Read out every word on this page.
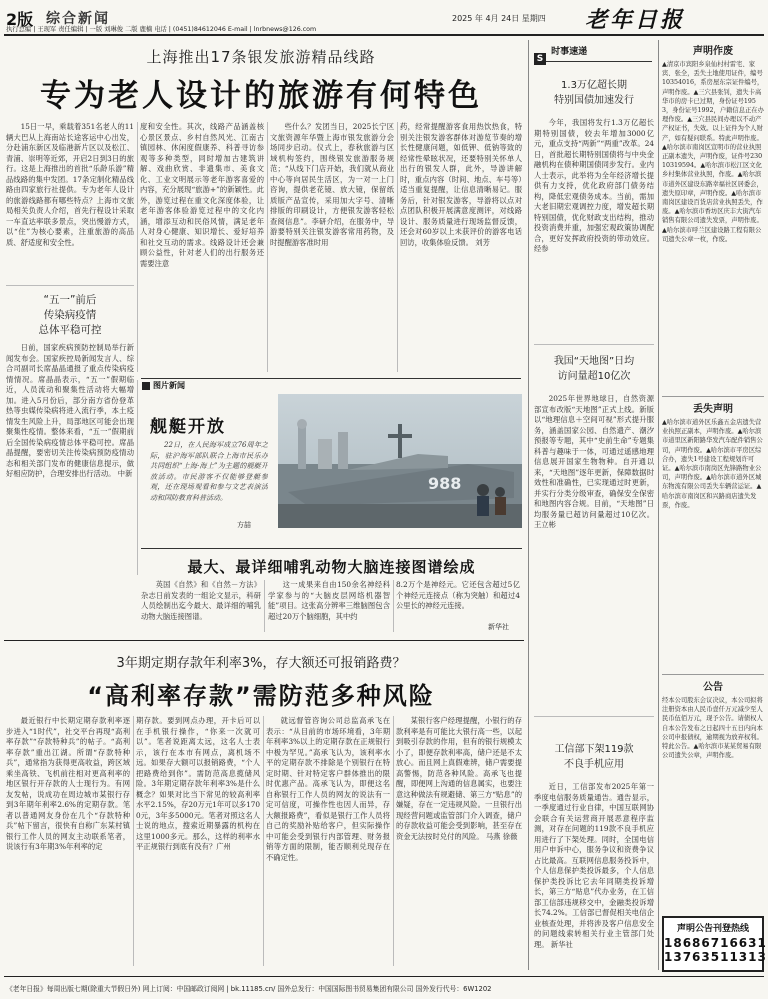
2版 综合新闻	2025 年 4月 24日 星期四 老年日报
执行总编 | 王现军 责任编辑 | 一版 刘琳俊 二版 鹿楠 电话 | (0451)84612046 E-mail | lnrbnews@126.com
上海推出17条银发旅游精品线路
专为老人设计的旅游有何特色
15日一早，乘载着351名老人的11辆大巴从上海南站长途客运中心出发，分赴浦东新区及临港新片区以及松江、青浦、崇明等近郊，开启2日到3日的旅行。这是上海推出的首批“乐龄乐游”精品线路的集中发团。17条定制化精品线路由四家旅行社提供。专为老年人设计的旅游线路都有哪些特点？上海市文旅局相关负责人介绍，首先行程设计采取一车直达率联多景点，突出慢游方式，以“住”为核心要素，注重旅游的高品质、舒适度和安全性。
度和安全性。其次，线路产品涵盖核心景区景点、乡村自然风光、江南古镇园林、休闲度假康养、科普寻访参观等多种类型，同时增加古建筑讲解、戏曲欣赏、非遗集市、美食文化、工业文明展示等老年游客喜爱的内容，充分展现“旅游+”的新颖性。此外，游览过程在重文化深度体验，让老年游客体验游览过程中的文化内涵，增添互动和民俗风情，满足老年人对身心健康、知识增长、爱好培养和社交互动的需求。线路设计还会兼顾公益性，针对老人们的出行服务还需要注意
些什么？发团当日，2025长宁区文旅资源年华暨上海市银发旅游分会场同步启动。仪式上，春秋旅游与区域机构签约，围绕银发旅游服务规范；“从线下门店开始，我们就从商业中心等向居民生活区，为一对一上门咨询，提供老花镜、放大镜，保留纸质版产品宣传，采用加大字号、清晰排版的印刷设计，方便银发游客轻松查阅信息”。李研介绍，在服务中，导游要特别关注银发游客常用药物，及时提醒游客准时用
药，经常提醒游客食用热饮热食，特别关注银发游客群体对游览节奏的增长性健康问题，如低钾、低钠等致的经常性晕眩状况，还要特别关怀单人出行的银发人群，此外，导游讲解时，重点内容（时间、地点、车号等）适当重复提醒，让信息清晰易记。服务后，针对银发游客，导游将以点对点团队积极开展满意度测评，对线路设计、服务质量进行现场监督反馈，还会对60岁以上未获评价的游客电话回访，收集体验反馈。 刘芳
“五一”前后
传染病疫情
总体平稳可控
日前，国家疾病预防控制局举行新闻发布会。国家疾控局新闻发言人、综合司副司长席晶晶通报了重点传染病疫情情况。席晶晶表示，“五一”假期临近，人员流动和聚集性活动将大幅增加。进入5月份后，部分南方省份登革热等虫媒传染病将进入流行季，本土疫情发生风险上升，局部地区可能会出现聚集性疫情。整体来看，“五一”假期前后全国传染病疫情总体平稳可控。席晶晶提醒，要密切关注传染病预防疫情动态和相关部门发布的健康信息提示，做好相应防护，合理安排出行活动。 中新
$^{图片新闻}$
舰艇开放
22日，在人民海军成立76周年之际，驻沪海军部队联合上海市民乐办共同组织“上海·海上”为主题的舰艇开放活动。市民游客不仅能够登艇参观，还在现场观看和参与文艺表演活动和国防教育科普活动。
方喆
988
最大、最详细哺乳动物大脑连接图谱绘成
英国《自然》和《自然－方法》杂志日前发表的一组论文显示，科研人员绘制出迄今最大、最详细的哺乳动物大脑连接图谱。
这一成果来自由150余名神经科学家参与的“大脑皮层网络机器智能”项目。这张高分辨率三维脑图包含超过20万个脑细胞，其中约
8.2万个是神经元。它还包含超过5亿个神经元连接点（称为突触）和超过4公里长的神经元连接。
新华社
3年期定期存款年利率3%，存大额还可报销路费？
“高利率存款”需防范多种风险
最近银行中长期定期存款利率逐步进入“1时代”，社交平台再现“高利率存款”“存款特种兵”的帖子。“高利率存款”重出江湖。所谓“存款特种兵”，通常指为获得更高收益，跨区域乘坐高铁、飞机前往相对更高利率的地区银行开存款的人士现行为。有网友发帖，说成功在周边城市某银行存到3年期年利率2.6%的定期存款。笔者以普通网友身份在几个“存款特种兵”帖下留言，很快有自称广东某村镇银行工作人员的网友主动联系笔者，说该行有3年期3%年利率的定
期存款。要到网点办理，开卡后可以在手机银行操作，“你来一次就可以”。笔者说距离太远，这名人士表示，该行在本市有网点，离机场不远。如果存大额可以报销路费，“个人把路费给到你”。需防范高息揽储风险。3年期定期存款年利率3%是什么概念？如果对比当下常见的较高利率水平2.15%，存20万元1年可以多1700元，3年多5000元。笔者对照这名人士说的地点，搜索近期暴露的机构在这里1000多元。那么，这样的利率水平正规银行到底有没有？广州
就远督管咨询公司总监高承飞在表示：“从目前的市场环境看，3年期年利率3%以上的定期存款在正规银行中极为罕见。”高承飞认为，该利率水平的定期存款不排除是个别银行在特定时期、针对特定客户群体推出的限时优惠产品。高承飞认为，即便这名自称银行工作人员的网友的说法有一定可信度，可操作性也因人而异，存大额报路费”，看似是银行工作人员将自己的奖励补贴给客户，但实际操作中可能会受到银行内部管理、财务报销等方面的限制，能否顺利兑现存在不确定性。
某银行客户经理提醒，小银行的存款利率是有可能比大银行高一些，以起到吸引存款的作用，但有的银行规模太小了，即便存款利率高，储户还是不太放心。而且网上真假难辨，储户需要提高警惕，防范各种风险。高承飞也提醒，即便网上沟通的信息属实，也要注意这种做法有规避储、第三方“贴息”的嫌疑，存在一定违规风险。一旦银行出现经营问题或监管部门介入调查，储户的存款收益可能会受到影响，甚至存在资金无法按时兑付的风险。 马燕 徐薇
S $^{时事速递}$
1.3万亿超长期
特别国债加速发行
今年，我国将发行1.3万亿超长期特别国债，较去年增加3000亿元，重点支持“两新”“两重”改革。24日，首批超长期特别国债将与中央金融机构在债种期国债同步发行。业内人士表示，此举将为全年经济增长提供有力支持，优化政府部门债务结构，降低宏观债务成本。当前，需加大老旧期宏观调控力度，增发超长期特别国债，优化财政支出结构，推动投资消费并重，加强宏观政策协调配合，更好发挥政府投资的带动效应。 经参
我国“天地图”日均
访问量超10亿次
2025年世界地球日，自然资源部宣布改版“天地图”正式上线。新版以“地理信息＋空间可视”形式提升服务，涵盖国家公园、自然遗产、潮汐预报等专题，其中“史前生命”专题集科普与趣味于一体，可通过遥感地理信息展开国家生物物种。自开通以来，“天地图”逐年更新，保障数据时效性和准确性，已实现通过时更新，并实行分类分级审查，确保安全保密和地图内容合规。目前，“天地图”日均服务量已超访问量超过10亿次。 王立彬
工信部下架119款
不良手机应用
近日，工信部发布2025年第一季度电信服务质量通告。通告显示，一季度通过行业自律，中国互联网协会联合有关运营商开展恶意程序监测，对存在问题的119款不良手机应用进行了下架处理。同时，全国电信用户申诉中心，服务争议和资费争议占比最高。互联网信息服务投诉中，个人信息保护类投诉最多，个人信息保护类投诉比它去年同期类投诉增长，第三方“贴息”代办业务，在工信部工信部违规移交中，金融类投诉增长74.2%。工信部已督促相关电信企业核查处理，并将涉及客户信息安全的问题线索转相关行业主管部门处理。 新华社
声明作废
▲清京市宾阳乡泉仙村村雷宅、家宾、张全，丢失土地使用证件，编号 10354016，系房屋东宗证件编号，声明作废。▲三穴县张钊，遗失卡高华市的房卡已过期，身份证号1953，身份证号1992，户籍信息正在办理作废。▲三穴县民间办理以不动产产权证书，失效。以上证件为个人财产，如有疑问联系。特此声明作废。▲哈尔滨市南岗区宣明市的营业执照正副本遗失，声明作废，证件号23010319594。▲哈尔滨市松江区文化乡村集体营业执照，作废。▲哈尔滨市道外区建设东路幸福社区居委会，遗失原印章，声明作废。▲哈尔滨市南岗区建设百货店营业执照丢失，作废。▲哈尔滨市香坊区庆丰大街汽车销售有限公司遗失发票，声明作废。▲哈尔滨市呼兰区建设路工程有限公司遗失公章一枚，作废。
丢失声明
▲哈尔滨市道外区乐鑫五金店遗失营业执照正副本，声明作废。▲哈尔滨市道里区新阳路华发汽车配件销售公司，声明作废。▲哈尔滨市平房区综合办，遗失1号建设工程规划许可证。▲哈尔滨市南岗区先锋路物业公司，声明作废。▲哈尔滨市道外区城东物流有限公司丢失车辆营运证。▲哈尔滨市南岗区和兴路商店遗失发票，作废。
公告
经本公司股东会议决议，本公司拟将注册资本由人民币壹仟万元减少至人民币伍佰万元，现予公告。请债权人自本公告发布之日起四十五日内向本公司申报债权，逾期视为放弃权利。特此公告。▲哈尔滨市某某贸易有限公司遗失公章，声明作废。
声明公告刊登热线
18686716631
13763511313
《老年日报》每周出版七期(除重大节假日外) 网上订阅：中国邮政订阅网 | bk.11185.cn/ 国外总发行：中国国际图书贸易集团有限公司 国外发行代号：6W1202
